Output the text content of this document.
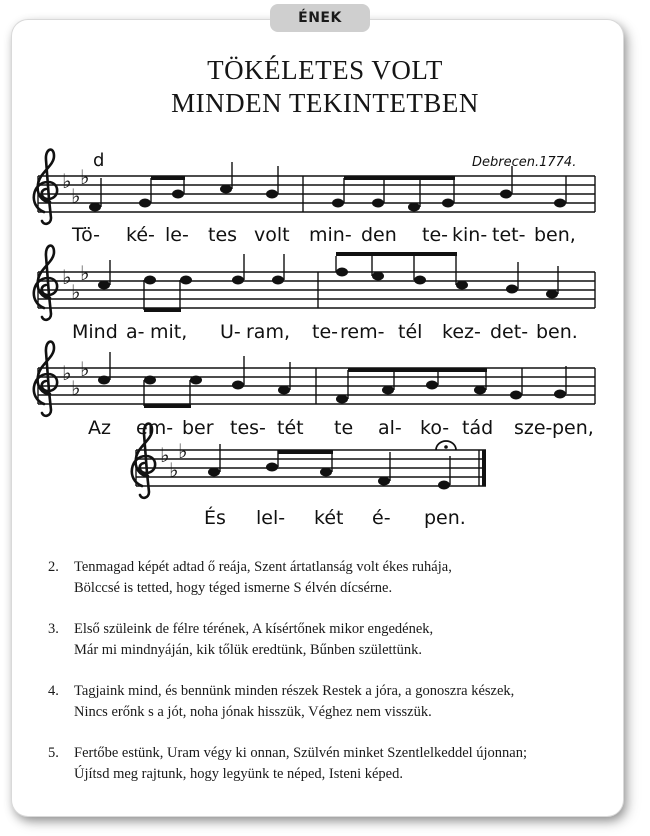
ÉNEK
TÖKÉLETES VOLT
MINDEN TEKINTETBEN
♭
♭
d	Debrecen.1774.
Tö- ké- le- tes volt min- den te- kin- tet- ben,
Mind a- mit, U- ram, te- rem- tél kez- det- ben.
Az em- ber tes- tét te al- ko- tád sze- pen,
És lel- két é- pen.
2. Tenmagad képét adtad ő reája, Szent ártatlanság volt ékes ruhája,
Bölccsé is tetted, hogy téged ismerne S élvén dícsérne.
3. Első szüleink de félre térének, A kísértőnek mikor engedének,
Már mi mindnyáján, kik tőlük eredtünk, Bűnben születtünk.
4. Tagjaink mind, és bennünk minden részek Restek a jóra, a gonoszra készek,
Nincs erőnk s a jót, noha jónak hisszük, Véghez nem visszük.
5. Fertőbe estünk, Uram végy ki onnan, Szülvén minket Szentlelkeddel újonnan;
Újítsd meg rajtunk, hogy legyünk te néped, Isteni képed.
